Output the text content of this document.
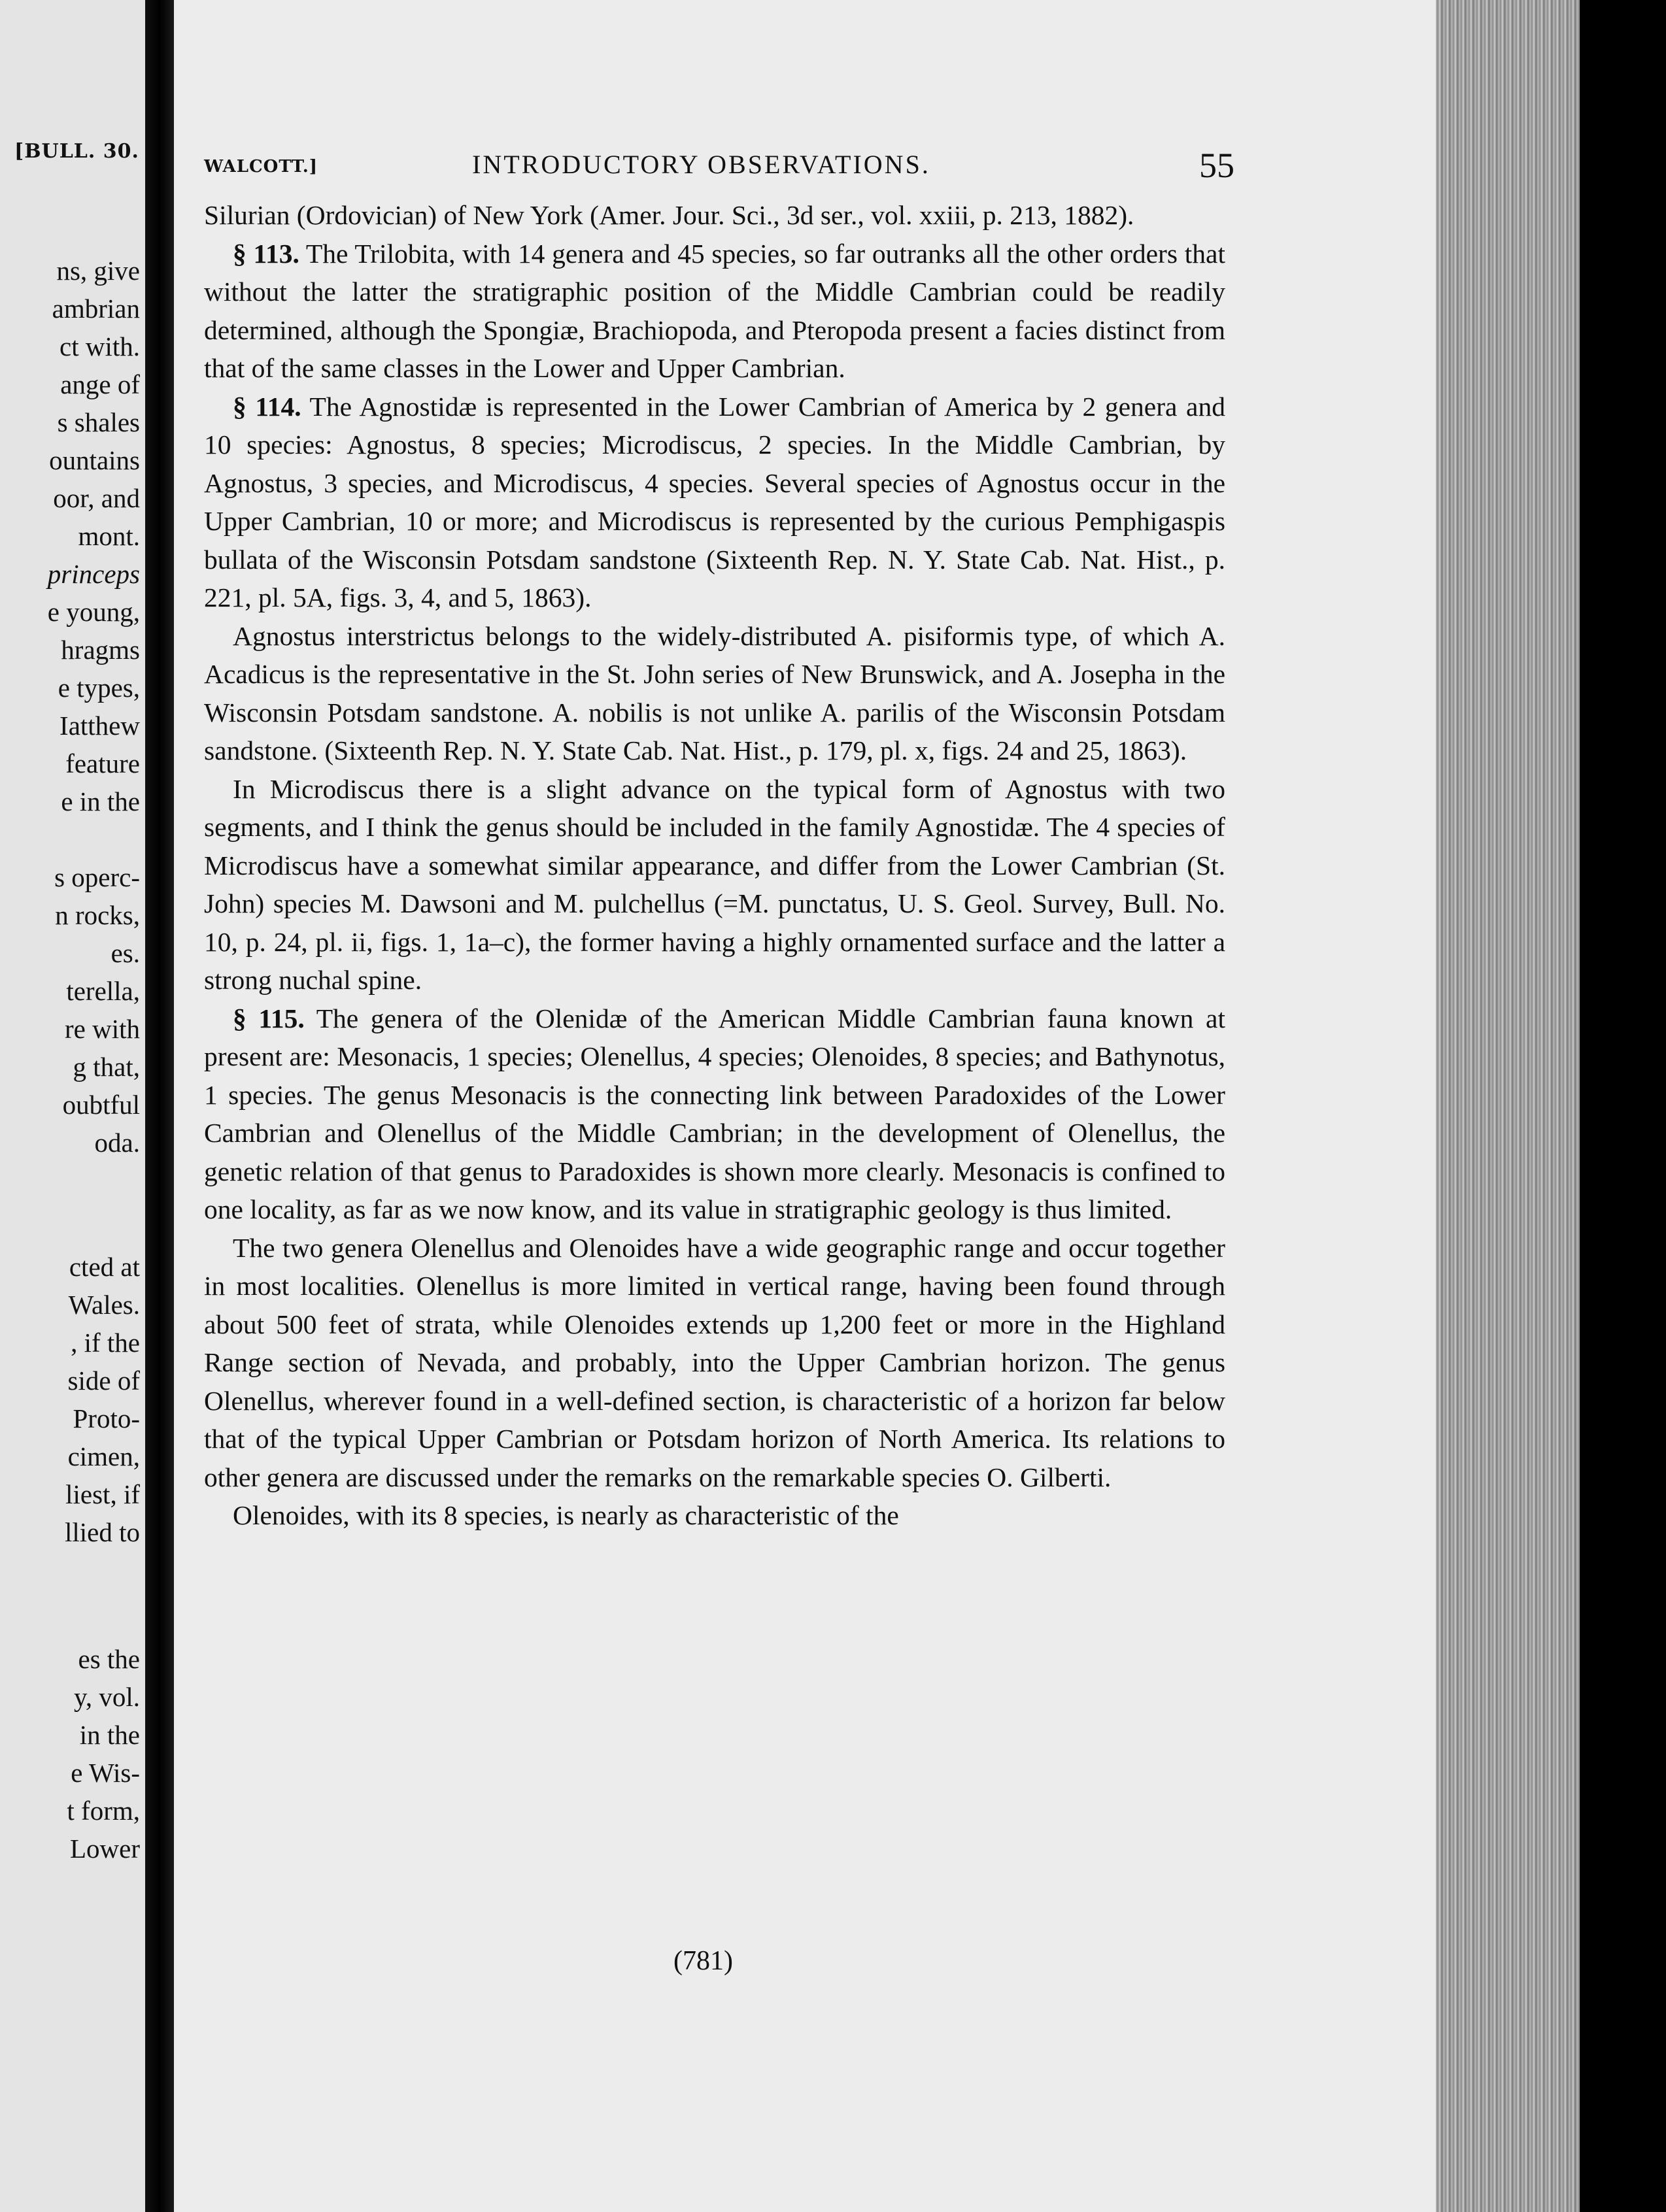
[BULL. 30.
ns, give
ambrian
ct with.
ange of
s shales
ountains
oor, and
mont.
princeps
e young,
hragms
e types,
Iatthew
feature
e in the
s operc-
n rocks,
es.
terella,
re with
g that,
oubtful
oda.
cted at
Wales.
, if the
side of
Proto-
cimen,
liest, if
llied to
es the
y, vol.
in the
e Wis-
t form,
Lower
WALCOTT.]	INTRODUCTORY OBSERVATIONS.	55

Silurian (Ordovician) of New York (Amer. Jour. Sci., 3d ser., vol. xxiii, p. 213, 1882).

§ 113. The Trilobita, with 14 genera and 45 species, so far outranks all the other orders that without the latter the stratigraphic position of the Middle Cambrian could be readily determined, although the Spongiæ, Brachiopoda, and Pteropoda present a facies distinct from that of the same classes in the Lower and Upper Cambrian.

§ 114. The Agnostidæ is represented in the Lower Cambrian of America by 2 genera and 10 species: Agnostus, 8 species; Microdiscus, 2 species. In the Middle Cambrian, by Agnostus, 3 species, and Microdiscus, 4 species. Several species of Agnostus occur in the Upper Cambrian, 10 or more; and Microdiscus is represented by the curious Pemphigaspis bullata of the Wisconsin Potsdam sandstone (Sixteenth Rep. N. Y. State Cab. Nat. Hist., p. 221, pl. 5A, figs. 3, 4, and 5, 1863).

Agnostus interstrictus belongs to the widely-distributed A. pisiformis type, of which A. Acadicus is the representative in the St. John series of New Brunswick, and A. Josepha in the Wisconsin Potsdam sandstone. A. nobilis is not unlike A. parilis of the Wisconsin Potsdam sandstone. (Sixteenth Rep. N. Y. State Cab. Nat. Hist., p. 179, pl. x, figs. 24 and 25, 1863).

In Microdiscus there is a slight advance on the typical form of Agnostus with two segments, and I think the genus should be included in the family Agnostidæ. The 4 species of Microdiscus have a somewhat similar appearance, and differ from the Lower Cambrian (St. John) species M. Dawsoni and M. pulchellus (=M. punctatus, U. S. Geol. Survey, Bull. No. 10, p. 24, pl. ii, figs. 1, 1a–c), the former having a highly ornamented surface and the latter a strong nuchal spine.

§ 115. The genera of the Olenidæ of the American Middle Cambrian fauna known at present are: Mesonacis, 1 species; Olenellus, 4 species; Olenoides, 8 species; and Bathynotus, 1 species. The genus Mesonacis is the connecting link between Paradoxides of the Lower Cambrian and Olenellus of the Middle Cambrian; in the development of Olenellus, the genetic relation of that genus to Paradoxides is shown more clearly. Mesonacis is confined to one locality, as far as we now know, and its value in stratigraphic geology is thus limited.

The two genera Olenellus and Olenoides have a wide geographic range and occur together in most localities. Olenellus is more limited in vertical range, having been found through about 500 feet of strata, while Olenoides extends up 1,200 feet or more in the Highland Range section of Nevada, and probably, into the Upper Cambrian horizon. The genus Olenellus, wherever found in a well-defined section, is characteristic of a horizon far below that of the typical Upper Cambrian or Potsdam horizon of North America. Its relations to other genera are discussed under the remarks on the remarkable species O. Gilberti.

Olenoides, with its 8 species, is nearly as characteristic of the

(781)
